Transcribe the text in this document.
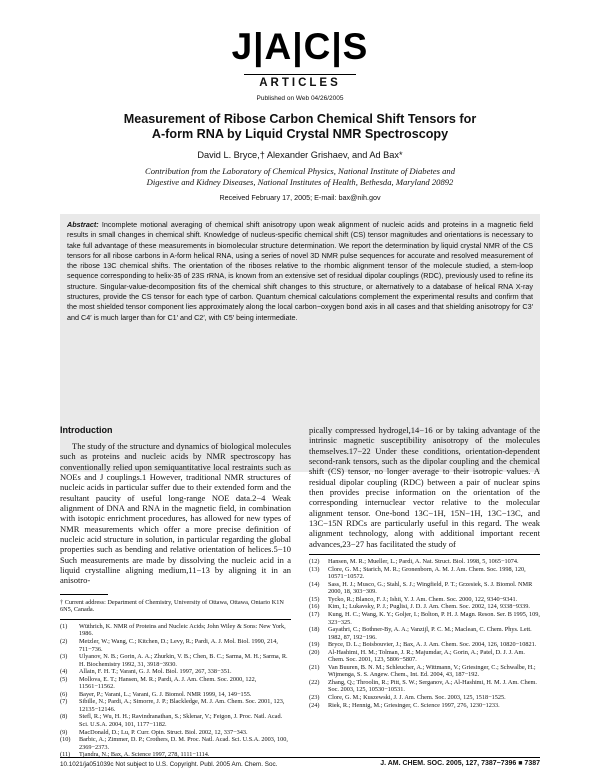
J|A|C|S
ARTICLES
Published on Web 04/26/2005
Measurement of Ribose Carbon Chemical Shift Tensors for
A-form RNA by Liquid Crystal NMR Spectroscopy
David L. Bryce,† Alexander Grishaev, and Ad Bax*
Contribution from the Laboratory of Chemical Physics, National Institute of Diabetes and
Digestive and Kidney Diseases, National Institutes of Health, Bethesda, Maryland 20892
Received February 17, 2005; E-mail: bax@nih.gov
Abstract: Incomplete motional averaging of chemical shift anisotropy upon weak alignment of nucleic acids and proteins in a magnetic field results in small changes in chemical shift. Knowledge of nucleus-specific chemical shift (CS) tensor magnitudes and orientations is necessary to take full advantage of these measurements in biomolecular structure determination. We report the determination by liquid crystal NMR of the CS tensors for all ribose carbons in A-form helical RNA, using a series of novel 3D NMR pulse sequences for accurate and resolved measurement of the ribose 13C chemical shifts. The orientation of the riboses relative to the rhombic alignment tensor of the molecule studied, a stem-loop sequence corresponding to helix-35 of 23S rRNA, is known from an extensive set of residual dipolar couplings (RDC), previously used to refine its structure. Singular-value-decomposition fits of the chemical shift changes to this structure, or alternatively to a database of helical RNA X-ray structures, provide the CS tensor for each type of carbon. Quantum chemical calculations complement the experimental results and confirm that the most shielded tensor component lies approximately along the local carbon−oxygen bond axis in all cases and that shielding anisotropy for C3′ and C4′ is much larger than for C1′ and C2′, with C5′ being intermediate.
Introduction

The study of the structure and dynamics of biological molecules such as proteins and nucleic acids by NMR spectroscopy has conventionally relied upon semiquantitative local restraints such as NOEs and J couplings.1 However, traditional NMR structures of nucleic acids in particular suffer due to their extended form and the resultant paucity of useful long-range NOE data.2−4 Weak alignment of DNA and RNA in the magnetic field, in combination with isotopic enrichment procedures, has allowed for new types of NMR measurements which offer a more precise definition of nucleic acid structure in solution, in particular regarding the global properties such as bending and relative orientation of helices.5−10 Such measurements are made by dissolving the nucleic acid in a liquid crystalline aligning medium,11−13 by aligning it in an anisotro-

† Current address: Department of Chemistry, University of Ottawa, Ottawa, Ontario K1N 6N5, Canada.

(1) Wüthrich, K. NMR of Proteins and Nucleic Acids; John Wiley & Sons: New York, 1986.
(2) Metzler, W.; Wang, C.; Kitchen, D.; Levy, R.; Pardi, A. J. Mol. Biol. 1990, 214, 711−736.
(3) Ulyanov, N. B.; Gorin, A. A.; Zhurkin, V. B.; Chen, B. C.; Sarma, M. H.; Sarma, R. H. Biochemistry 1992, 31, 3918−3930.
(4) Allain, F. H. T.; Varani, G. J. Mol. Biol. 1997, 267, 338−351.
(5) Mollova, E. T.; Hansen, M. R.; Pardi, A. J. Am. Chem. Soc. 2000, 122, 11561−11562.
(6) Bayer, P.; Varani, L.; Varani, G. J. Biomol. NMR 1999, 14, 149−155.
(7) Sibille, N.; Pardi, A.; Simorre, J. P.; Blackledge, M. J. Am. Chem. Soc. 2001, 123, 12135−12146.
(8) Stefl, R.; Wu, H. H.; Ravindranathan, S.; Sklenar, V.; Feigon, J. Proc. Natl. Acad. Sci. U.S.A. 2004, 101, 1177−1182.
(9) MacDonald, D.; Lu, P. Curr. Opin. Struct. Biol. 2002, 12, 337−343.
(10) Barbic, A.; Zimmer, D. P.; Crothers, D. M. Proc. Natl. Acad. Sci. U.S.A. 2003, 100, 2369−2373.
(11) Tjandra, N.; Bax, A. Science 1997, 278, 1111−1114.

pically compressed hydrogel,14−16 or by taking advantage of the intrinsic magnetic susceptibility anisotropy of the molecules themselves.17−22 Under these conditions, orientation-dependent second-rank tensors, such as the dipolar coupling and the chemical shift (CS) tensor, no longer average to their isotropic values. A residual dipolar coupling (RDC) between a pair of nuclear spins then provides precise information on the orientation of the corresponding internuclear vector relative to the molecular alignment tensor. One-bond 13C−1H, 15N−1H, 13C−13C, and 13C−15N RDCs are particularly useful in this regard. The weak alignment technology, along with additional important recent advances,23−27 has facilitated the study of

(12) Hansen, M. R.; Mueller, L.; Pardi, A. Nat. Struct. Biol. 1998, 5, 1065−1074.
(13) Clore, G. M.; Starich, M. R.; Gronenborn, A. M. J. Am. Chem. Soc. 1998, 120, 10571−10572.
(14) Sass, H. J.; Musco, G.; Stahl, S. J.; Wingfield, P. T.; Grzesiek, S. J. Biomol. NMR 2000, 18, 303−309.
(15) Tycko, R.; Blanco, F. J.; Ishii, Y. J. Am. Chem. Soc. 2000, 122, 9340−9341.
(16) Kim, I.; Lukavsky, P. J.; Puglisi, J. D. J. Am. Chem. Soc. 2002, 124, 9338−9339.
(17) Kung, H. C.; Wang, K. Y.; Goljer, I.; Bolton, P. H. J. Magn. Reson. Ser. B 1995, 109, 323−325.
(18) Gayathri, C.; Bothner-By, A. A.; Vanzijl, P. C. M.; Maclean, C. Chem. Phys. Lett. 1982, 87, 192−196.
(19) Bryce, D. L.; Boisbouvier, J.; Bax, A. J. Am. Chem. Soc. 2004, 126, 10820−10821.
(20) Al-Hashimi, H. M.; Tolman, J. R.; Majumdar, A.; Gorin, A.; Patel, D. J. J. Am. Chem. Soc. 2001, 123, 5806−5807.
(21) Van Buuren, B. N. M.; Schleucher, A.; Wittmann, V.; Griesinger, C.; Schwalbe, H.; Wijmenga, S. S. Angew. Chem., Int. Ed. 2004, 43, 187−192.
(22) Zhang, Q.; Throolin, R.; Pitt, S. W.; Serganov, A.; Al-Hashimi, H. M. J. Am. Chem. Soc. 2003, 125, 10530−10531.
(23) Clore, G. M.; Kuszewski, J. J. Am. Chem. Soc. 2003, 125, 1518−1525.
(24) Riek, R.; Hennig, M.; Griesinger, C. Science 1997, 276, 1230−1233.
10.1021/ja051039c Not subject to U.S. Copyright. Publ. 2005 Am. Chem. Soc.	J. AM. CHEM. SOC. 2005, 127, 7387−7396 ■ 7387
